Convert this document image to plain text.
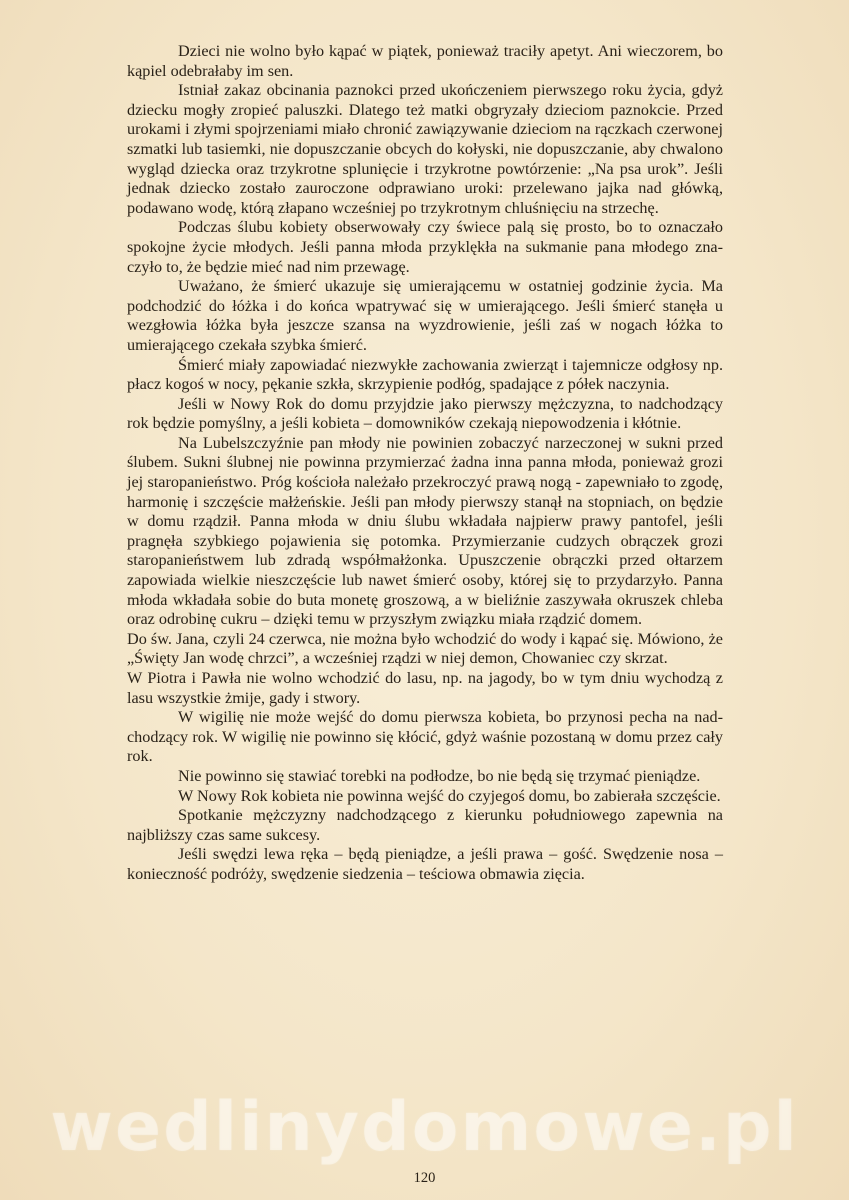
Dzieci nie wolno było kąpać w piątek, ponieważ traciły apetyt. Ani wieczorem, bo kąpiel odebrałaby im sen.

Istniał zakaz obcinania paznokci przed ukończeniem pierwszego roku życia, gdyż dziecku mogły zropieć paluszki. Dlatego też matki obgryzały dzieciom paznokcie. Przed urokami i złymi spojrzeniami miało chronić zawiązywanie dzieciom na rączkach czerwonej szmatki lub tasiemki, nie dopuszczanie obcych do kołyski, nie dopuszczanie, aby chwalono wygląd dziecka oraz trzykrotne splunięcie i trzykrotne powtórzenie: „Na psa urok”. Jeśli jednak dziecko zostało zauroczone odprawiano uroki: przelewano jajka nad główką, podawano wodę, którą złapano wcześniej po trzykrotnym chluśnięciu na strzechę.

Podczas ślubu kobiety obserwowały czy świece palą się prosto, bo to oznaczało spokojne życie młodych. Jeśli panna młoda przyklękła na sukmanie pana młodego znaczyło to, że będzie mieć nad nim przewagę.

Uważano, że śmierć ukazuje się umierającemu w ostatniej godzinie życia. Ma podchodzić do łóżka i do końca wpatrywać się w umierającego. Jeśli śmierć stanęła u wezgłowia łóżka była jeszcze szansa na wyzdrowienie, jeśli zaś w nogach łóżka to umierającego czekała szybka śmierć.

Śmierć miały zapowiadać niezwykłe zachowania zwierząt i tajemnicze odgłosy np. płacz kogoś w nocy, pękanie szkła, skrzypienie podłóg, spadające z półek naczynia.

Jeśli w Nowy Rok do domu przyjdzie jako pierwszy mężczyzna, to nadchodzący rok będzie pomyślny, a jeśli kobieta – domowników czekają niepowodzenia i kłótnie.

Na Lubelszczyźnie pan młody nie powinien zobaczyć narzeczonej w sukni przed ślubem. Sukni ślubnej nie powinna przymierzać żadna inna panna młoda, ponieważ grozi jej staropanieństwo. Próg kościoła należało przekroczyć prawą nogą - zapewniało to zgodę, harmonię i szczęście małżeńskie. Jeśli pan młody pierwszy stanął na stopniach, on będzie w domu rządził. Panna młoda w dniu ślubu wkładała najpierw prawy pantofel, jeśli pragnęła szybkiego pojawienia się potomka. Przymierzanie cudzych obrączek grozi staropanieństwem lub zdradą współmałżonka. Upuszczenie obrączki przed ołtarzem zapowiada wielkie nieszczęście lub nawet śmierć osoby, której się to przydarzyło. Panna młoda wkładała sobie do buta monetę groszową, a w bieliźnie zaszywała okruszek chleba oraz odrobinę cukru – dzięki temu w przyszłym związku miała rządzić domem.

Do św. Jana, czyli 24 czerwca, nie można było wchodzić do wody i kąpać się. Mówiono, że „Święty Jan wodę chrzci”, a wcześniej rządzi w niej demon, Chowaniec czy skrzat.

W Piotra i Pawła nie wolno wchodzić do lasu, np. na jagody, bo w tym dniu wychodzą z lasu wszystkie żmije, gady i stwory.

W wigilię nie może wejść do domu pierwsza kobieta, bo przynosi pecha na nadchodzący rok. W wigilię nie powinno się kłócić, gdyż waśnie pozostaną w domu przez cały rok.

Nie powinno się stawiać torebki na podłodze, bo nie będą się trzymać pieniądze.

W Nowy Rok kobieta nie powinna wejść do czyjegoś domu, bo zabierała szczęście.

Spotkanie mężczyzny nadchodzącego z kierunku południowego zapewnia na najbliższy czas same sukcesy.

Jeśli swędzi lewa ręka – będą pieniądze, a jeśli prawa – gość. Swędzenie nosa – konieczność podróży, swędzenie siedzenia – teściowa obmawia zięcia.

wedlinydomowe.pl
120
